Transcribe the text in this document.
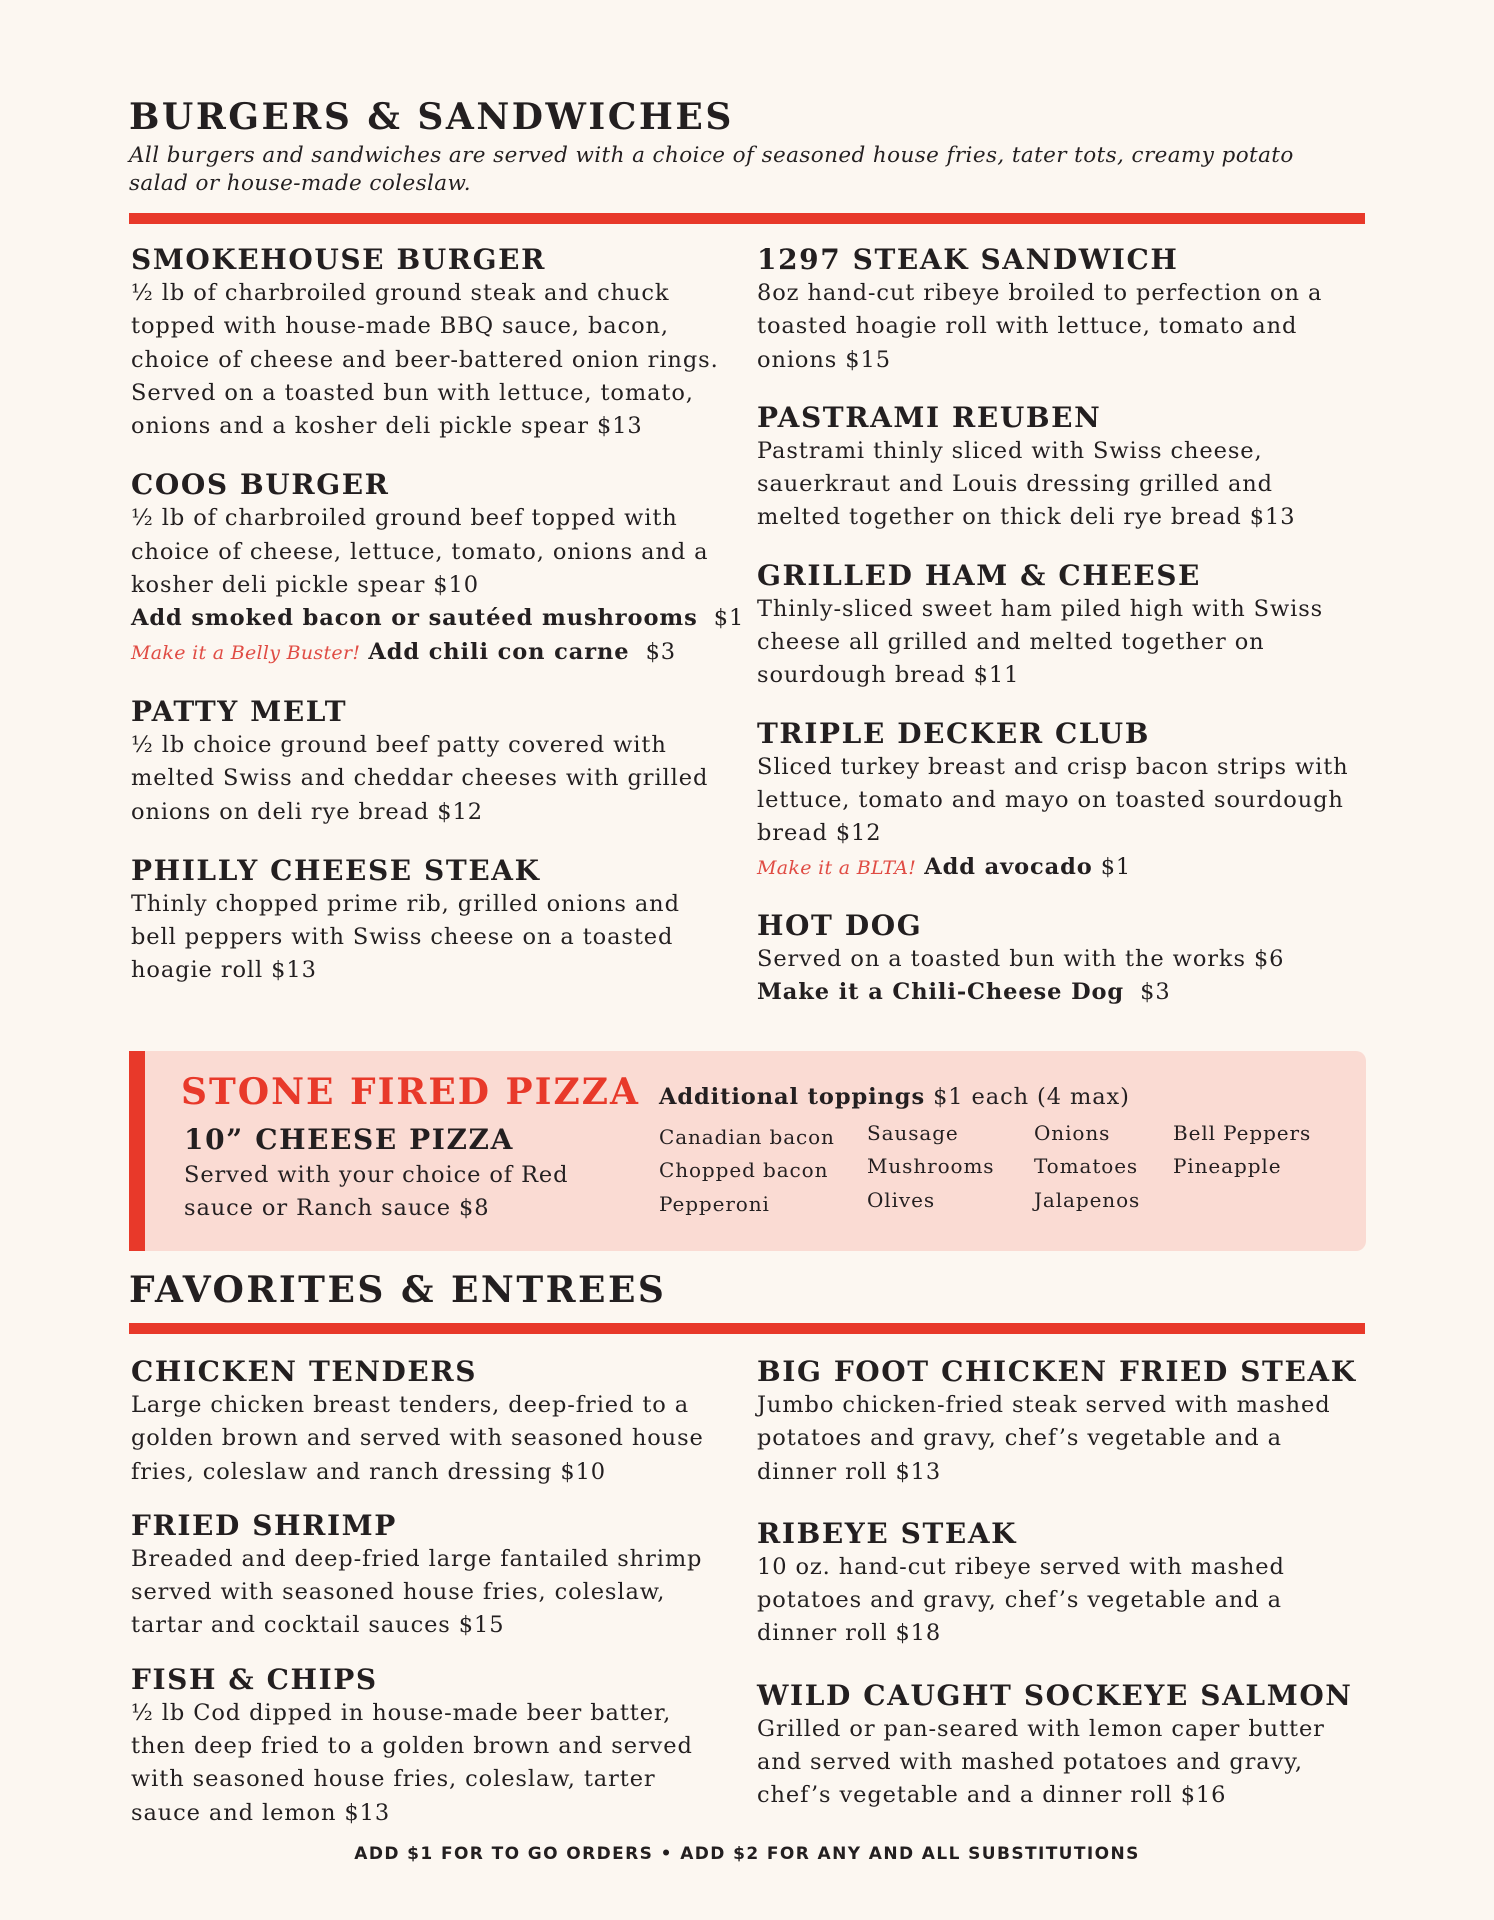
BURGERS & SANDWICHES

All burgers and sandwiches are served with a choice of seasoned house fries, tater tots, creamy potato salad or house-made coleslaw.

SMOKEHOUSE BURGER

½ lb of charbroiled ground steak and chuck topped with house-made BBQ sauce, bacon, choice of cheese and beer-battered onion rings. Served on a toasted bun with lettuce, tomato, onions and a kosher deli pickle spear $13

COOS BURGER

½ lb of charbroiled ground beef topped with choice of cheese, lettuce, tomato, onions and a kosher deli pickle spear $10

Add smoked bacon or sautéed mushrooms $1

Make it a Belly Buster! Add chili con carne $3

PATTY MELT

½ lb choice ground beef patty covered with melted Swiss and cheddar cheeses with grilled onions on deli rye bread $12

PHILLY CHEESE STEAK

Thinly chopped prime rib, grilled onions and bell peppers with Swiss cheese on a toasted hoagie roll $13

1297 STEAK SANDWICH

8oz hand-cut ribeye broiled to perfection on a toasted hoagie roll with lettuce, tomato and onions $15

PASTRAMI REUBEN

Pastrami thinly sliced with Swiss cheese, sauerkraut and Louis dressing grilled and melted together on thick deli rye bread $13

GRILLED HAM & CHEESE

Thinly-sliced sweet ham piled high with Swiss cheese all grilled and melted together on sourdough bread $11

TRIPLE DECKER CLUB

Sliced turkey breast and crisp bacon strips with lettuce, tomato and mayo on toasted sourdough bread $12

Make it a BLTA! Add avocado $1

HOT DOG

Served on a toasted bun with the works $6

Make it a Chili-Cheese Dog $3

STONE FIRED PIZZA
10” CHEESE PIZZA

Served with your choice of Red sauce or Ranch sauce $8

Additional toppings $1 each (4 max)

Canadian bacon
Chopped bacon
Pepperoni
Sausage
Mushrooms
Olives
Onions
Tomatoes
Jalapenos
Bell Peppers
Pineapple
FAVORITES & ENTREES
CHICKEN TENDERS

Large chicken breast tenders, deep-fried to a golden brown and served with seasoned house fries, coleslaw and ranch dressing $10

FRIED SHRIMP

Breaded and deep-fried large fantailed shrimp served with seasoned house fries, coleslaw, tartar and cocktail sauces $15

FISH & CHIPS

½ lb Cod dipped in house-made beer batter, then deep fried to a golden brown and served with seasoned house fries, coleslaw, tarter sauce and lemon $13

BIG FOOT CHICKEN FRIED STEAK

Jumbo chicken-fried steak served with mashed potatoes and gravy, chef’s vegetable and a dinner roll $13

RIBEYE STEAK

10 oz. hand-cut ribeye served with mashed potatoes and gravy, chef’s vegetable and a dinner roll $18

WILD CAUGHT SOCKEYE SALMON

Grilled or pan-seared with lemon caper butter and served with mashed potatoes and gravy, chef’s vegetable and a dinner roll $16

ADD $1 FOR TO GO ORDERS • ADD $2 FOR ANY AND ALL SUBSTITUTIONS
